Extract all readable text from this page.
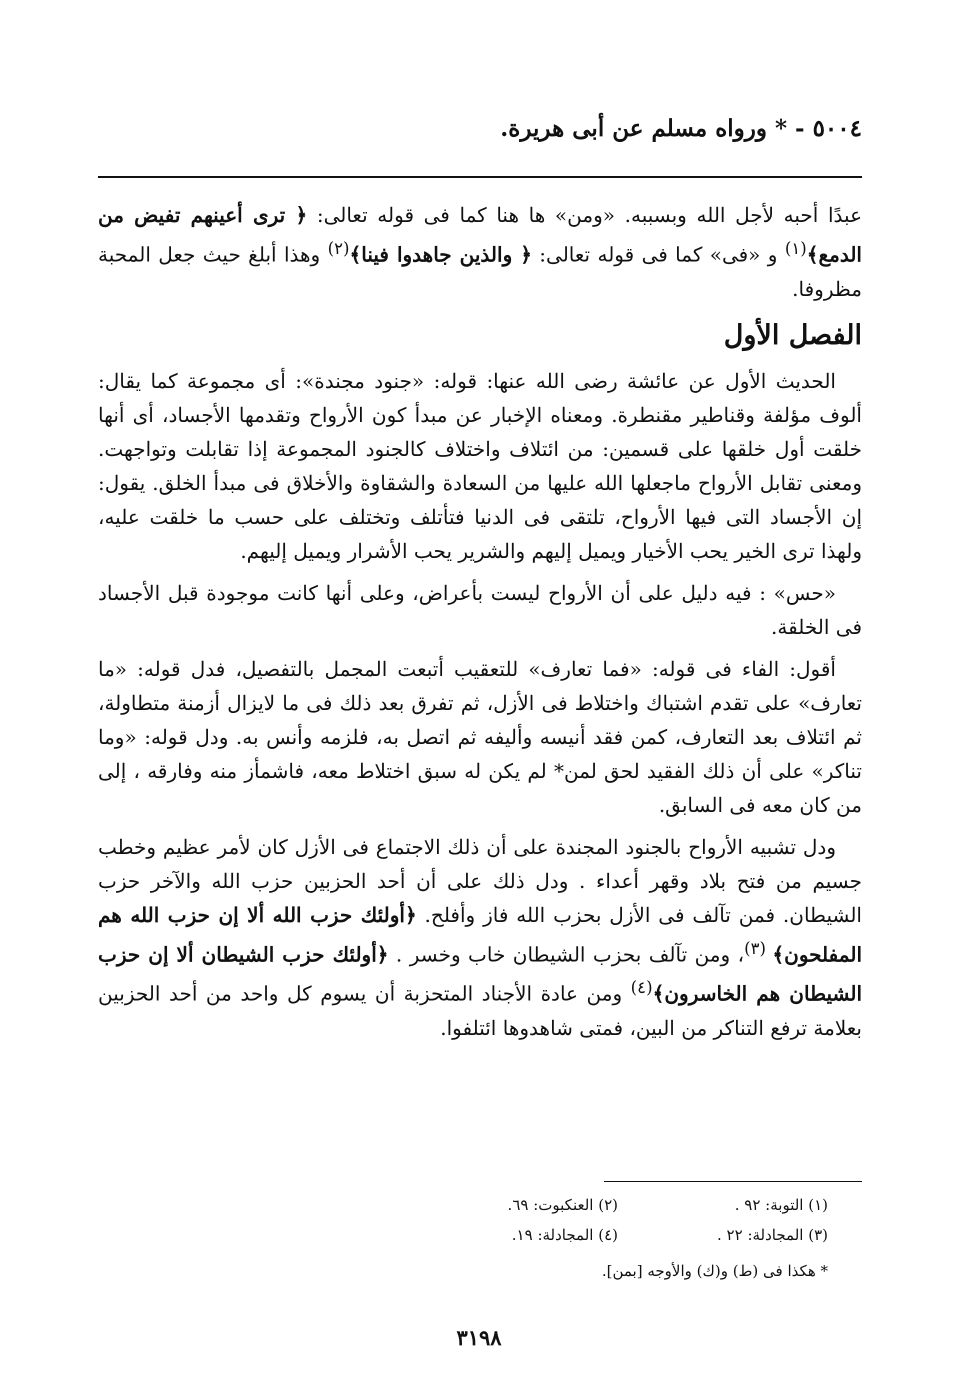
٥٠٠٤ - * ورواه مسلم عن أبى هريرة.

عبدًا أحبه لأجل الله وبسببه. «ومن» ها هنا كما فى قوله تعالى: ﴿ ترى أعينهم تفيض من الدمع﴾$^{(١)}$ و «فى» كما فى قوله تعالى: ﴿ والذين جاهدوا فينا﴾$^{(٢)}$ وهذا أبلغ حيث جعل المحبة مظروفا.

الفصل الأول

الحديث الأول عن عائشة رضى الله عنها: قوله: «جنود مجندة»: أى مجموعة كما يقال: ألوف مؤلفة وقناطير مقنطرة. ومعناه الإخبار عن مبدأ كون الأرواح وتقدمها الأجساد، أى أنها خلقت أول خلقها على قسمين: من ائتلاف واختلاف كالجنود المجموعة إذا تقابلت وتواجهت. ومعنى تقابل الأرواح ماجعلها الله عليها من السعادة والشقاوة والأخلاق فى مبدأ الخلق. يقول: إن الأجساد التى فيها الأرواح، تلتقى فى الدنيا فتأتلف وتختلف على حسب ما خلقت عليه، ولهذا ترى الخير يحب الأخيار ويميل إليهم والشرير يحب الأشرار ويميل إليهم.

«حس» : فيه دليل على أن الأرواح ليست بأعراض، وعلى أنها كانت موجودة قبل الأجساد فى الخلقة.

أقول: الفاء فى قوله: «فما تعارف» للتعقيب أتبعت المجمل بالتفصيل، فدل قوله: «ما تعارف» على تقدم اشتباك واختلاط فى الأزل، ثم تفرق بعد ذلك فى ما لايزال أزمنة متطاولة، ثم ائتلاف بعد التعارف، كمن فقد أنيسه وأليفه ثم اتصل به، فلزمه وأنس به. ودل قوله: «وما تناكر» على أن ذلك الفقيد لحق لمن* لم يكن له سبق اختلاط معه، فاشمأز منه وفارقه ، إلى من كان معه فى السابق.

ودل تشبيه الأرواح بالجنود المجندة على أن ذلك الاجتماع فى الأزل كان لأمر عظيم وخطب جسيم من فتح بلاد وقهر أعداء . ودل ذلك على أن أحد الحزبين حزب الله والآخر حزب الشيطان. فمن تآلف فى الأزل بحزب الله فاز وأفلح. ﴿أولئك حزب الله ألا إن حزب الله هم المفلحون﴾ $^{(٣)}$، ومن تآلف بحزب الشيطان خاب وخسر . ﴿أولئك حزب الشيطان ألا إن حزب الشيطان هم الخاسرون﴾$^{(٤)}$ ومن عادة الأجناد المتحزبة أن يسوم كل واحد من أحد الحزبين بعلامة ترفع التناكر من البين، فمتى شاهدوها ائتلفوا.

(١) التوبة: ٩٢ .
(٢) العنكبوت: ٦٩.
(٣) المجادلة: ٢٢ .
(٤) المجادلة: ١٩.
* هكذا فى (ط) و(ك) والأوجه [بمن].
٣١٩٨
